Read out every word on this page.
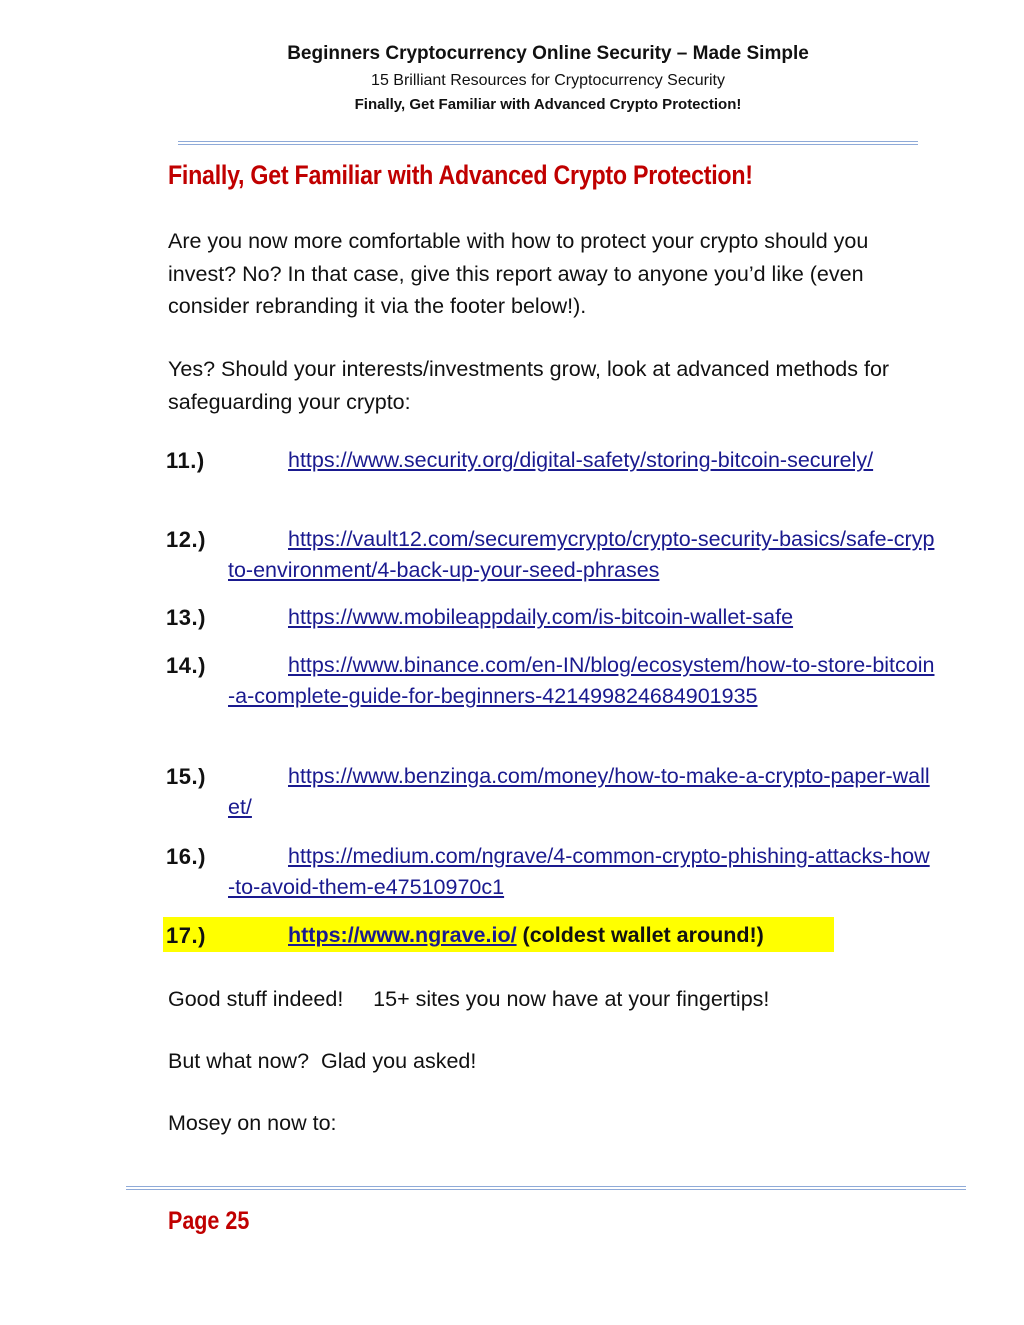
Beginners Cryptocurrency Online Security – Made Simple
15 Brilliant Resources for Cryptocurrency Security
Finally, Get Familiar with Advanced Crypto Protection!
Finally, Get Familiar with Advanced Crypto Protection!

Are you now more comfortable with how to protect your crypto should you invest? No? In that case, give this report away to anyone you’d like (even consider rebranding it via the footer below!).

Yes? Should your interests/investments grow, look at advanced methods for safeguarding your crypto:

11.)	https://www.security.org/digital-safety/storing-bitcoin-securely/
12.)	https://vault12.com/securemycrypto/crypto-security-basics/safe-crypto-environment/4-back-up-your-seed-phrases
13.)	https://www.mobileappdaily.com/is-bitcoin-wallet-safe
14.)	https://www.binance.com/en-IN/blog/ecosystem/how-to-store-bitcoin-a-complete-guide-for-beginners-421499824684901935
15.)	https://www.benzinga.com/money/how-to-make-a-crypto-paper-wallet/
16.)	https://medium.com/ngrave/4-common-crypto-phishing-attacks-how-to-avoid-them-e47510970c1
17.)	https://www.ngrave.io/ (coldest wallet around!)
Good stuff indeed!     15+ sites you now have at your fingertips!
But what now?  Glad you asked!
Mosey on now to:
Page 25
